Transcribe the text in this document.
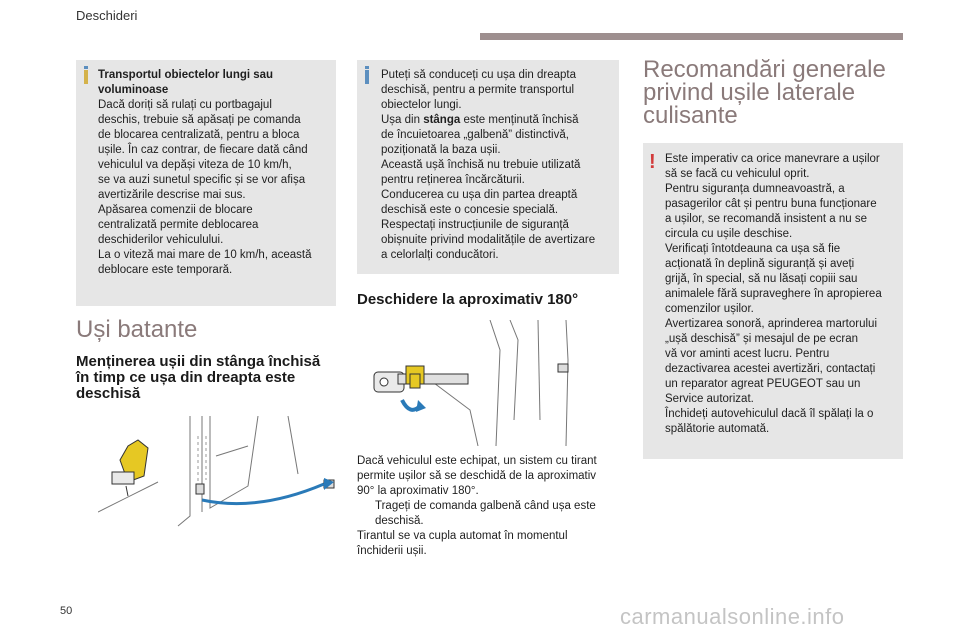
Deschideri
Transportul obiectelor lungi sau voluminoase
Dacă doriți să rulați cu portbagajul
deschis, trebuie să apăsați pe comanda
de blocarea centralizată, pentru a bloca
ușile. În caz contrar, de fiecare dată când
vehiculul va depăși viteza de 10 km/h,
se va auzi sunetul specific și se vor afișa
avertizările descrise mai sus.
Apăsarea comenzii de blocare
centralizată permite deblocarea
deschiderilor vehiculului.
La o viteză mai mare de 10 km/h, această
deblocare este temporară.
Puteți să conduceți cu ușa din dreapta
deschisă, pentru a permite transportul
obiectelor lungi.
Ușa din stânga este menținută închisă
de încuietoarea „galbenă” distinctivă,
poziționată la baza ușii.
Această ușă închisă nu trebuie utilizată
pentru reținerea încărcăturii.
Conducerea cu ușa din partea dreaptă
deschisă este o concesie specială.
Respectați instrucțiunile de siguranță
obișnuite privind modalitățile de avertizare
a celorlalți conducători.
Uși batante
Menținerea ușii din stânga închisă în timp ce ușa din dreapta este deschisă
Deschidere la aproximativ 180°
Recomandări generale privind ușile laterale culisante
Dacă vehiculul este echipat, un sistem cu tirant
permite ușilor să se deschidă de la aproximativ
90° la aproximativ 180°.
Trageți de comanda galbenă când ușa este deschisă.
Tirantul se va cupla automat în momentul
închiderii ușii.
! Este imperativ ca orice manevrare a ușilor
să se facă cu vehiculul oprit.
Pentru siguranța dumneavoastră, a
pasagerilor cât și pentru buna funcționare
a ușilor, se recomandă insistent a nu se
circula cu ușile deschise.
Verificați întotdeauna ca ușa să fie
acționată în deplină siguranță și aveți
grijă, în special, să nu lăsați copiii sau
animalele fără supraveghere în apropierea
comenzilor ușilor.
Avertizarea sonoră, aprinderea martorului
„ușă deschisă” și mesajul de pe ecran
vă vor aminti acest lucru. Pentru
dezactivarea acestei avertizări, contactați
un reparator agreat PEUGEOT sau un
Service autorizat.
Închideți autovehiculul dacă îl spălați la o
spălătorie automată.
50	carmanualsonline.info
